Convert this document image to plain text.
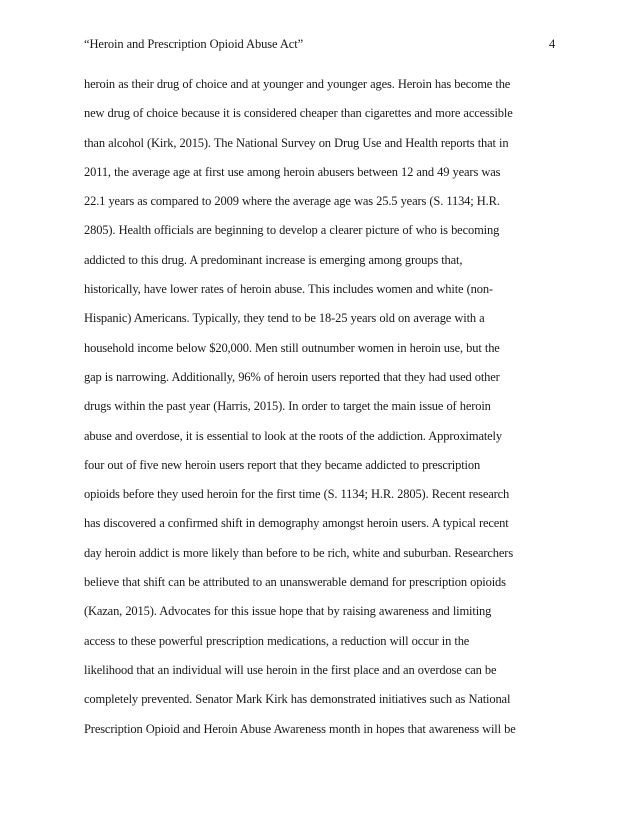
“Heroin and Prescription Opioid Abuse Act”	4
heroin as their drug of choice and at younger and younger ages. Heroin has become the
new drug of choice because it is considered cheaper than cigarettes and more accessible
than alcohol (Kirk, 2015). The National Survey on Drug Use and Health reports that in
2011, the average age at first use among heroin abusers between 12 and 49 years was
22.1 years as compared to 2009 where the average age was 25.5 years (S. 1134; H.R.
2805). Health officials are beginning to develop a clearer picture of who is becoming
addicted to this drug. A predominant increase is emerging among groups that,
historically, have lower rates of heroin abuse. This includes women and white (non-
Hispanic) Americans. Typically, they tend to be 18-25 years old on average with a
household income below $20,000. Men still outnumber women in heroin use, but the
gap is narrowing. Additionally, 96% of heroin users reported that they had used other
drugs within the past year (Harris, 2015). In order to target the main issue of heroin
abuse and overdose, it is essential to look at the roots of the addiction. Approximately
four out of five new heroin users report that they became addicted to prescription
opioids before they used heroin for the first time (S. 1134; H.R. 2805). Recent research
has discovered a confirmed shift in demography amongst heroin users. A typical recent
day heroin addict is more likely than before to be rich, white and suburban. Researchers
believe that shift can be attributed to an unanswerable demand for prescription opioids
(Kazan, 2015). Advocates for this issue hope that by raising awareness and limiting
access to these powerful prescription medications, a reduction will occur in the
likelihood that an individual will use heroin in the first place and an overdose can be
completely prevented. Senator Mark Kirk has demonstrated initiatives such as National
Prescription Opioid and Heroin Abuse Awareness month in hopes that awareness will be
